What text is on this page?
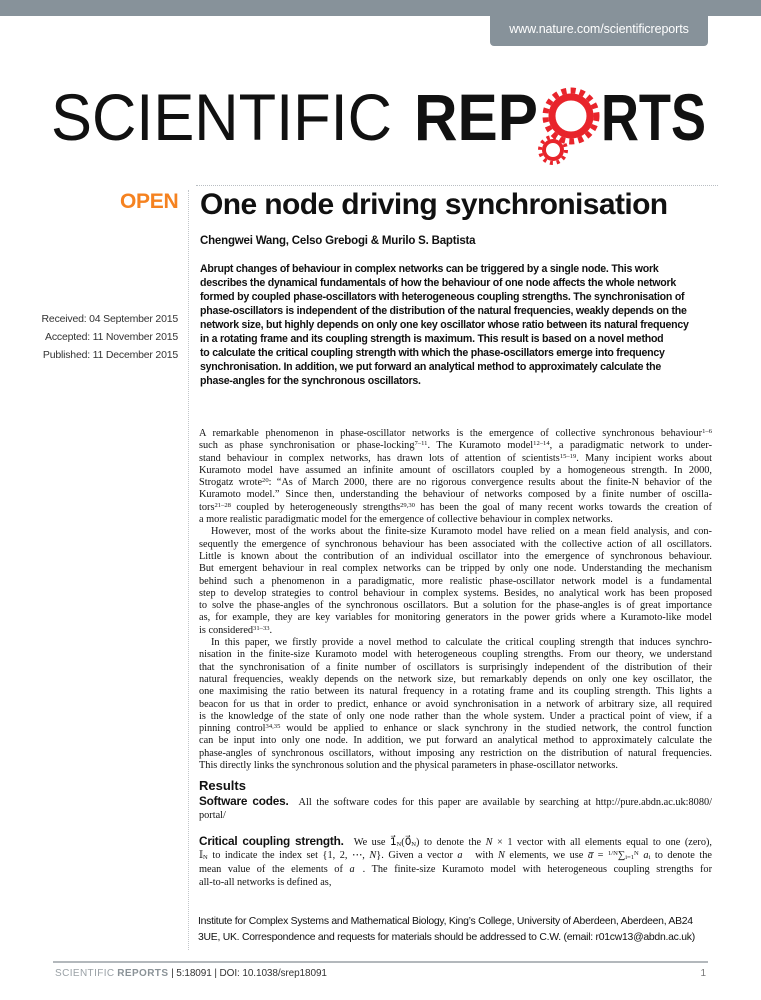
www.nature.com/scientificreports
SCIENTIFIC REP RTS
OPEN One node driving synchronisation
Chengwei Wang, Celso Grebogi & Murilo S. Baptista
Abrupt changes of behaviour in complex networks can be triggered by a single node. This work
describes the dynamical fundamentals of how the behaviour of one node affects the whole network
formed by coupled phase-oscillators with heterogeneous coupling strengths. The synchronisation of
phase-oscillators is independent of the distribution of the natural frequencies, weakly depends on the
network size, but highly depends on only one key oscillator whose ratio between its natural frequency
in a rotating frame and its coupling strength is maximum. This result is based on a novel method
to calculate the critical coupling strength with which the phase-oscillators emerge into frequency
synchronisation. In addition, we put forward an analytical method to approximately calculate the
phase-angles for the synchronous oscillators.
Received: 04 September 2015
Accepted: 11 November 2015
Published: 11 December 2015
A remarkable phenomenon in phase-oscillator networks is the emergence of collective synchronous behaviour$^{1-6}$
such as phase synchronisation or phase-locking$^{7-11}$. The Kuramoto model$^{12-14}$, a paradigmatic network to under-
stand behaviour in complex networks, has drawn lots of attention of scientists$^{15-19}$. Many incipient works about
Kuramoto model have assumed an infinite amount of oscillators coupled by a homogeneous strength. In 2000,
Strogatz wrote$^{20}$: “As of March 2000, there are no rigorous convergence results about the finite-N behavior of the
Kuramoto model.” Since then, understanding the behaviour of networks composed by a finite number of oscilla-
tors$^{21-28}$ coupled by heterogeneously strengths$^{29,30}$ has been the goal of many recent works towards the creation of
a more realistic paradigmatic model for the emergence of collective behaviour in complex networks.
However, most of the works about the finite-size Kuramoto model have relied on a mean field analysis, and con-
sequently the emergence of synchronous behaviour has been associated with the collective action of all oscillators.
Little is known about the contribution of an individual oscillator into the emergence of synchronous behaviour.
But emergent behaviour in real complex networks can be tripped by only one node. Understanding the mechanism
behind such a phenomenon in a paradigmatic, more realistic phase-oscillator network model is a fundamental
step to develop strategies to control behaviour in complex systems. Besides, no analytical work has been proposed
to solve the phase-angles of the synchronous oscillators. But a solution for the phase-angles is of great importance
as, for example, they are key variables for monitoring generators in the power grids where a Kuramoto-like model
is considered$^{31-33}$.
In this paper, we firstly provide a novel method to calculate the critical coupling strength that induces synchro-
nisation in the finite-size Kuramoto model with heterogeneous coupling strengths. From our theory, we understand
that the synchronisation of a finite number of oscillators is surprisingly independent of the distribution of their
natural frequencies, weakly depends on the network size, but remarkably depends on only one key oscillator, the
one maximising the ratio between its natural frequency in a rotating frame and its coupling strength. This lights a
beacon for us that in order to predict, enhance or avoid synchronisation in a network of arbitrary size, all required
is the knowledge of the state of only one node rather than the whole system. Under a practical point of view, if a
pinning control$^{34,35}$ would be applied to enhance or slack synchrony in the studied network, the control function
can be input into only one node. In addition, we put forward an analytical method to approximately calculate the
phase-angles of synchronous oscillators, without imposing any restriction on the distribution of natural frequencies.
This directly links the synchronous solution and the physical parameters in phase-oscillator networks.
Results
Software codes. All the software codes for this paper are available by searching at http://pure.abdn.ac.uk:8080/
portal/
Critical coupling strength. We use $1⃗_N(0⃗_N)$ to denote the N × 1 vector with all elements equal to one (zero),
𝕀$_N$ to indicate the index set {1, 2, ⋯, N}. Given a vector a⃗ with N elements, we use a̅ = $^{1/N}\sum_{i=1}^N$ $a_i$ to denote the
mean value of the elements of a⃗. The finite-size Kuramoto model with heterogeneous coupling strengths for
all-to-all networks is defined as,
Institute for Complex Systems and Mathematical Biology, King’s College, University of Aberdeen, Aberdeen, AB24
3UE, UK. Correspondence and requests for materials should be addressed to C.W. (email: r01cw13@abdn.ac.uk)
SCIENTIFIC REPORTS | 5:18091 | DOI: 10.1038/srep18091	1
